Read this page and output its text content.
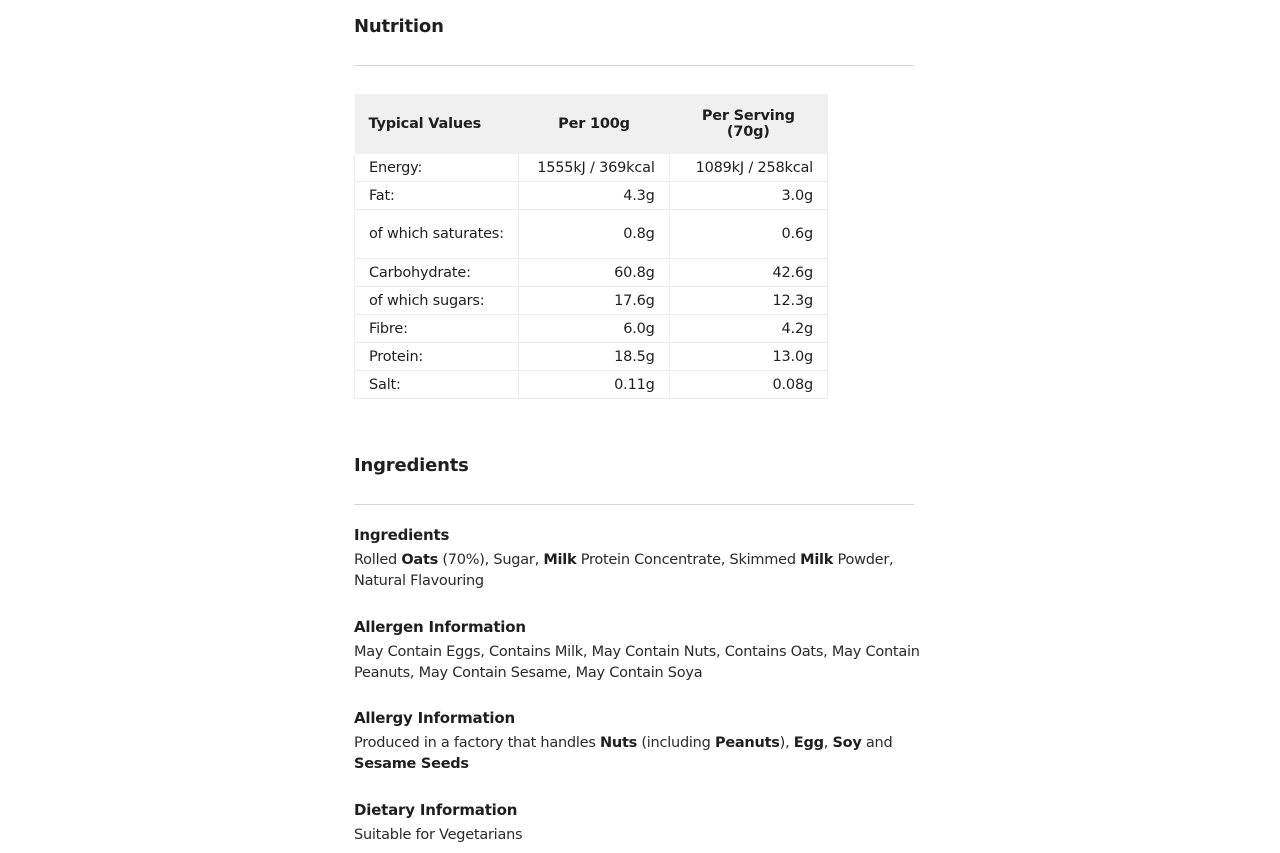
Nutrition
Typical Values	Per 100g	Per Serving (70g)
Energy:	1555kJ / 369kcal	1089kJ / 258kcal
Fat:	4.3g	3.0g
of which saturates:	0.8g	0.6g
Carbohydrate:	60.8g	42.6g
of which sugars:	17.6g	12.3g
Fibre:	6.0g	4.2g
Protein:	18.5g	13.0g
Salt:	0.11g	0.08g
Ingredients
Ingredients

Rolled Oats (70%), Sugar, Milk Protein Concentrate, Skimmed Milk Powder, Natural Flavouring

Allergen Information

May Contain Eggs, Contains Milk, May Contain Nuts, Contains Oats, May Contain Peanuts, May Contain Sesame, May Contain Soya

Allergy Information

Produced in a factory that handles Nuts (including Peanuts), Egg, Soy and Sesame Seeds

Dietary Information

Suitable for Vegetarians
